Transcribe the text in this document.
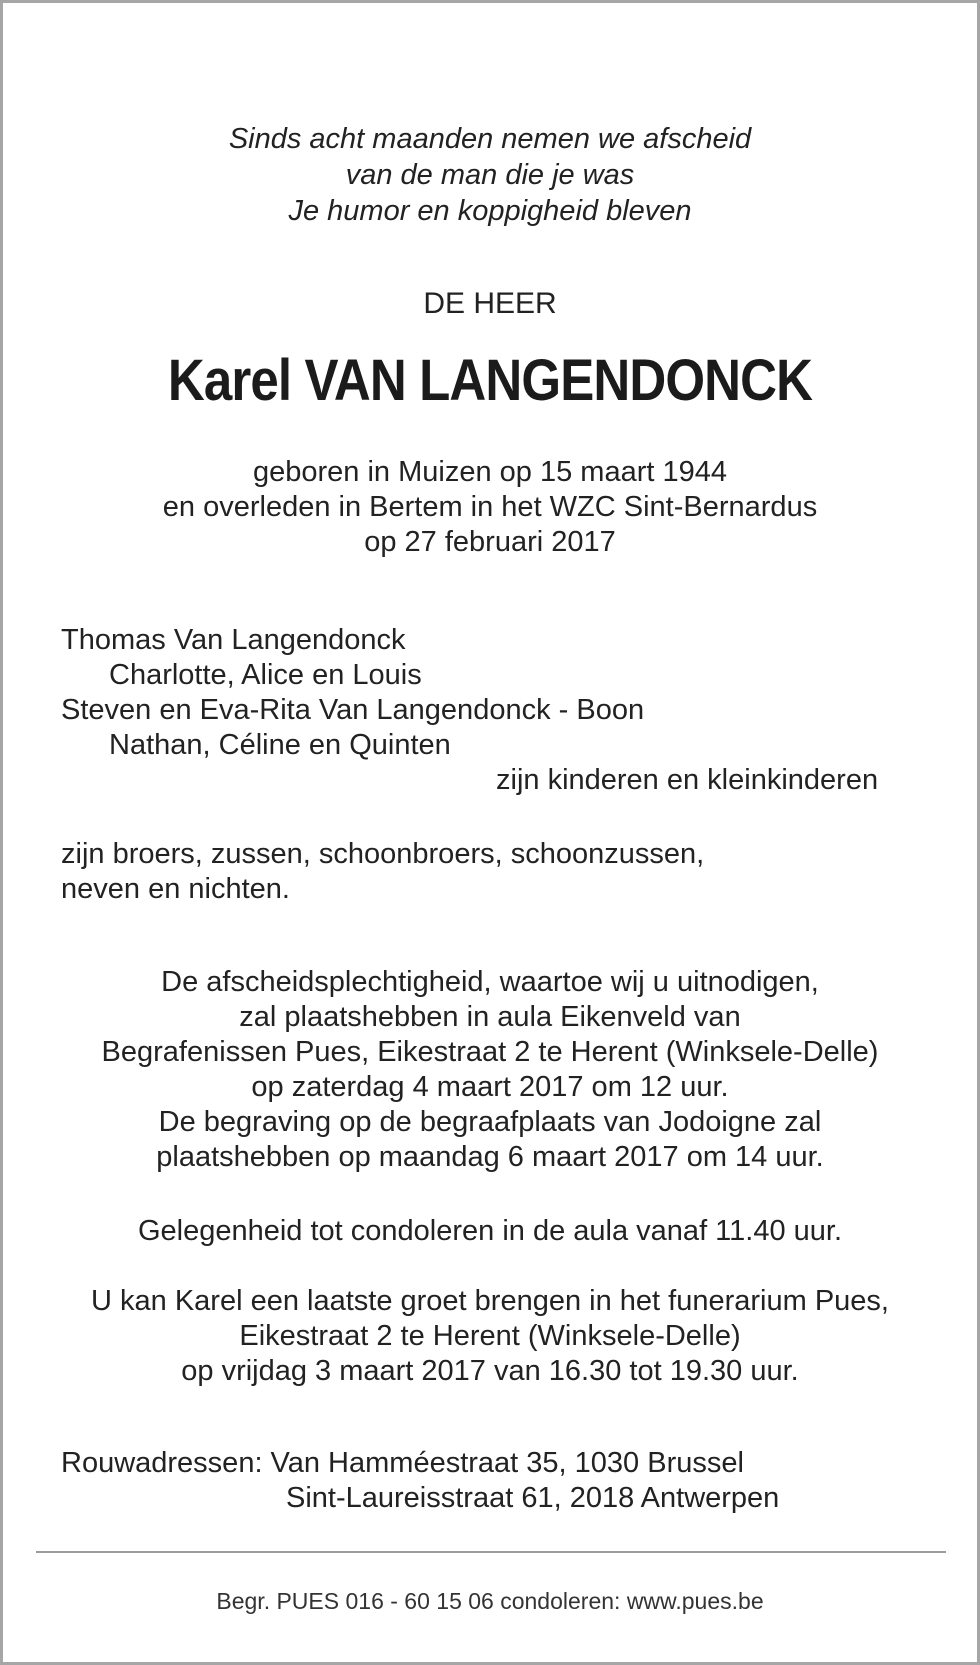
Sinds acht maanden nemen we afscheid
van de man die je was
Je humor en koppigheid bleven
DE HEER
Karel VAN LANGENDONCK
geboren in Muizen op 15 maart 1944
en overleden in Bertem in het WZC Sint-Bernardus
op 27 februari 2017
Thomas Van Langendonck
Charlotte, Alice en Louis
Steven en Eva-Rita Van Langendonck - Boon
Nathan, Céline en Quinten
zijn kinderen en kleinkinderen
zijn broers, zussen, schoonbroers, schoonzussen,
neven en nichten.
De afscheidsplechtigheid, waartoe wij u uitnodigen,
zal plaatshebben in aula Eikenveld van
Begrafenissen Pues, Eikestraat 2 te Herent (Winksele-Delle)
op zaterdag 4 maart 2017 om 12 uur.
De begraving op de begraafplaats van Jodoigne zal
plaatshebben op maandag 6 maart 2017 om 14 uur.
Gelegenheid tot condoleren in de aula vanaf 11.40 uur.
U kan Karel een laatste groet brengen in het funerarium Pues,
Eikestraat 2 te Herent (Winksele-Delle)
op vrijdag 3 maart 2017 van 16.30 tot 19.30 uur.
Rouwadressen: Van Hamméestraat 35, 1030 Brussel
Sint-Laureisstraat 61, 2018 Antwerpen
Begr. PUES 016 - 60 15 06 condoleren: www.pues.be
